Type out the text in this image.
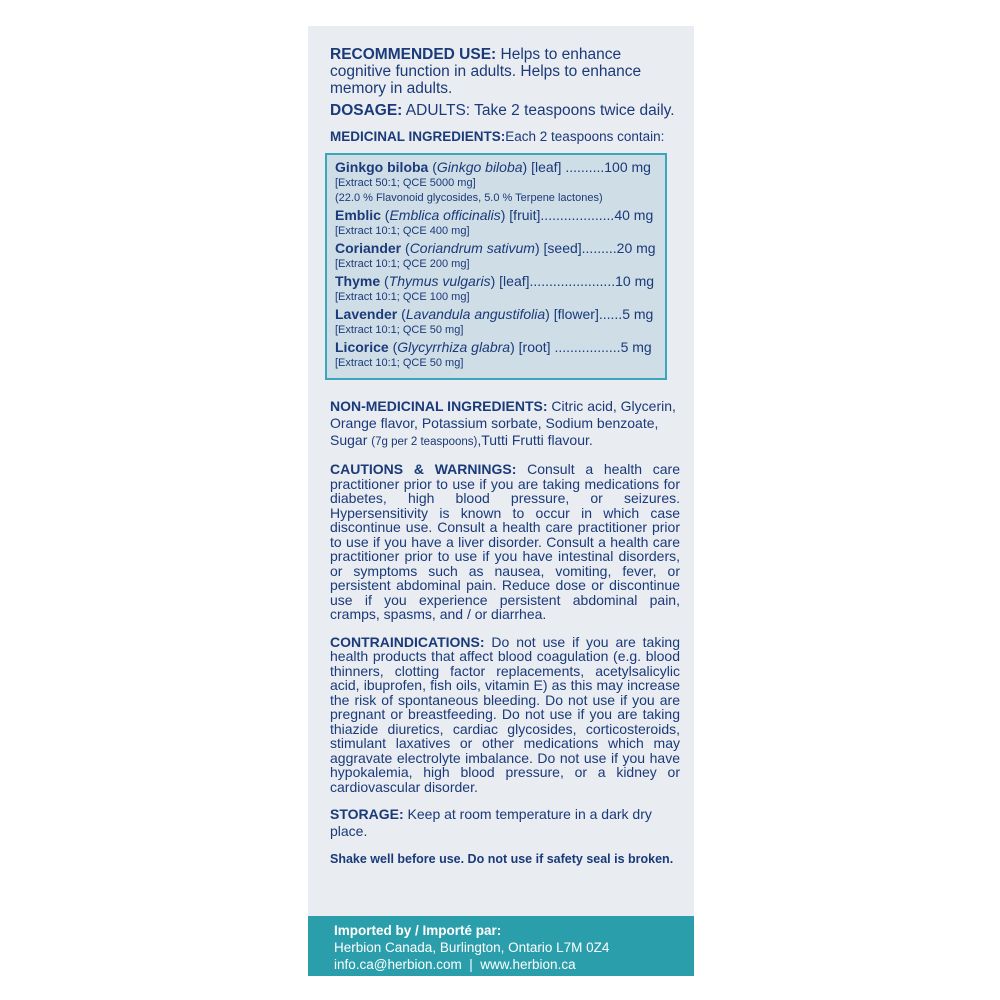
RECOMMENDED USE: Helps to enhance cognitive function in adults. Helps to enhance memory in adults.

DOSAGE: ADULTS: Take 2 teaspoons twice daily.

MEDICINAL INGREDIENTS:Each 2 teaspoons contain:

Ginkgo biloba (Ginkgo biloba) [leaf] ..........100 mg
[Extract 50:1; QCE 5000 mg]
(22.0 % Flavonoid glycosides, 5.0 % Terpene lactones)
Emblic (Emblica officinalis) [fruit]...................40 mg
[Extract 10:1; QCE 400 mg]
Coriander (Coriandrum sativum) [seed].........20 mg
[Extract 10:1; QCE 200 mg]
Thyme (Thymus vulgaris) [leaf]......................10 mg
[Extract 10:1; QCE 100 mg]
Lavender (Lavandula angustifolia) [flower]......5 mg
[Extract 10:1; QCE 50 mg]
Licorice (Glycyrrhiza glabra) [root] .................5 mg
[Extract 10:1; QCE 50 mg]

NON-MEDICINAL INGREDIENTS: Citric acid, Glycerin, Orange flavor, Potassium sorbate, Sodium benzoate, Sugar (7g per 2 teaspoons),Tutti Frutti flavour.

CAUTIONS & WARNINGS: Consult a health care practitioner prior to use if you are taking medications for diabetes, high blood pressure, or seizures. Hypersensitivity is known to occur in which case discontinue use. Consult a health care practitioner prior to use if you have a liver disorder. Consult a health care practitioner prior to use if you have intestinal disorders, or symptoms such as nausea, vomiting, fever, or persistent abdominal pain. Reduce dose or discontinue use if you experience persistent abdominal pain, cramps, spasms, and / or diarrhea.

CONTRAINDICATIONS: Do not use if you are taking health products that affect blood coagulation (e.g. blood thinners, clotting factor replacements, acetylsalicylic acid, ibuprofen, fish oils, vitamin E) as this may increase the risk of spontaneous bleeding. Do not use if you are pregnant or breastfeeding. Do not use if you are taking thiazide diuretics, cardiac glycosides, corticosteroids, stimulant laxatives or other medications which may aggravate electrolyte imbalance. Do not use if you have hypokalemia, high blood pressure, or a kidney or cardiovascular disorder.

STORAGE: Keep at room temperature in a dark dry place.

Shake well before use. Do not use if safety seal is broken.

Imported by / Importé par:
Herbion Canada, Burlington, Ontario L7M 0Z4
info.ca@herbion.com  |  www.herbion.ca
